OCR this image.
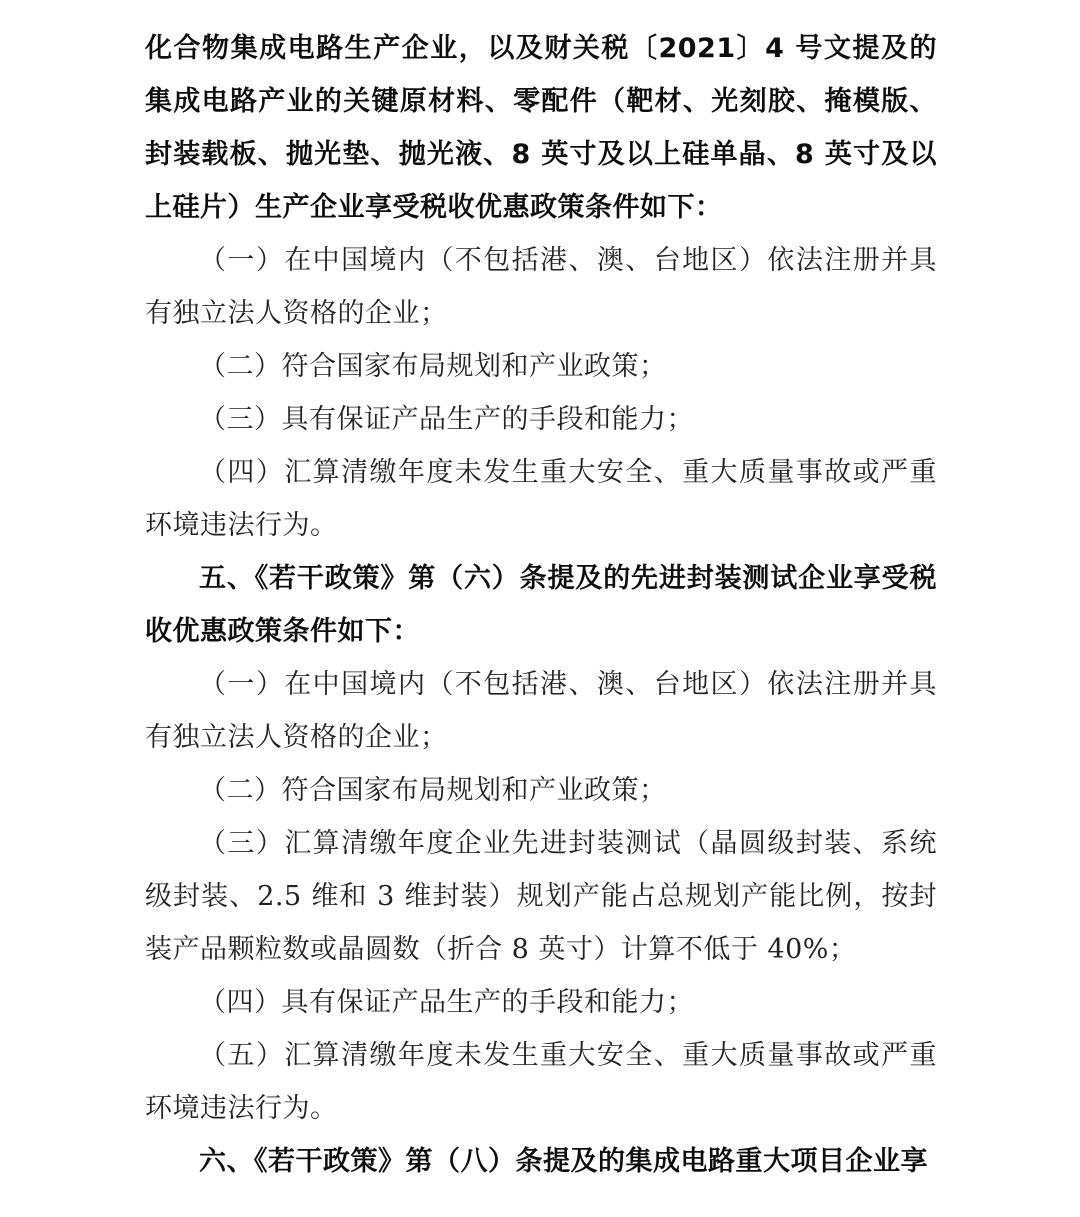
化合物集成电路生产企业，以及财关税〔2021〕4 号文提及的集成电路产业的关键原材料、零配件（靶材、光刻胶、掩模版、封装载板、抛光垫、抛光液、8 英寸及以上硅单晶、8 英寸及以上硅片）生产企业享受税收优惠政策条件如下：

（一）在中国境内（不包括港、澳、台地区）依法注册并具有独立法人资格的企业；

（二）符合国家布局规划和产业政策；

（三）具有保证产品生产的手段和能力；

（四）汇算清缴年度未发生重大安全、重大质量事故或严重环境违法行为。

五、《若干政策》第（六）条提及的先进封装测试企业享受税收优惠政策条件如下：

（一）在中国境内（不包括港、澳、台地区）依法注册并具有独立法人资格的企业；

（二）符合国家布局规划和产业政策；

（三）汇算清缴年度企业先进封装测试（晶圆级封装、系统级封装、2.5 维和 3 维封装）规划产能占总规划产能比例，按封装产品颗粒数或晶圆数（折合 8 英寸）计算不低于 40%；

（四）具有保证产品生产的手段和能力；

（五）汇算清缴年度未发生重大安全、重大质量事故或严重环境违法行为。

六、《若干政策》第（八）条提及的集成电路重大项目企业享
